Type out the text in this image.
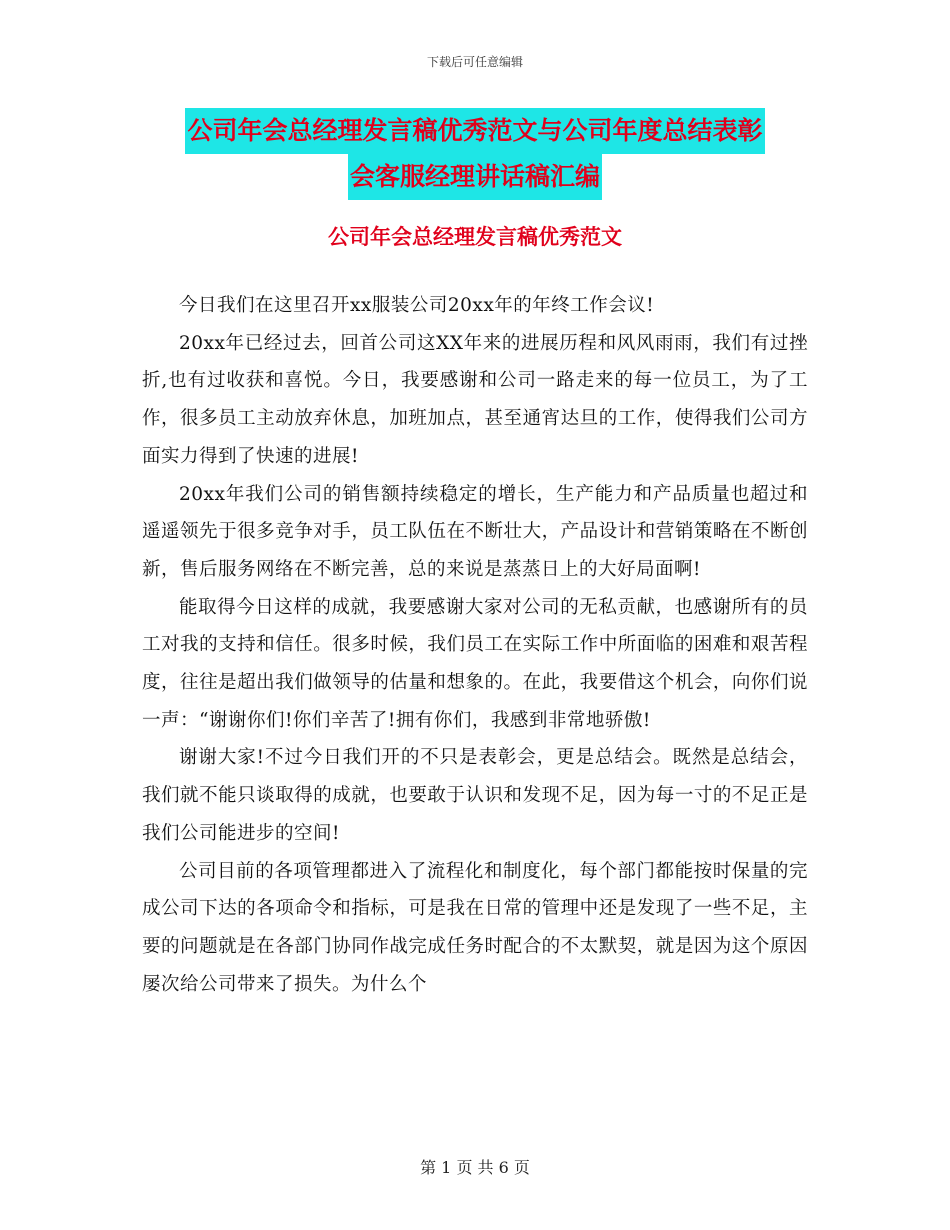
下载后可任意编辑
公司年会总经理发言稿优秀范文与公司年度总结表彰
会客服经理讲话稿汇编
公司年会总经理发言稿优秀范文

今日我们在这里召开xx服装公司20xx年的年终工作会议!

20xx年已经过去，回首公司这XX年来的进展历程和风风雨雨，我们有过挫折,也有过收获和喜悦。今日，我要感谢和公司一路走来的每一位员工，为了工作，很多员工主动放弃休息，加班加点，甚至通宵达旦的工作，使得我们公司方面实力得到了快速的进展!

20xx年我们公司的销售额持续稳定的增长，生产能力和产品质量也超过和遥遥领先于很多竞争对手，员工队伍在不断壮大，产品设计和营销策略在不断创新，售后服务网络在不断完善，总的来说是蒸蒸日上的大好局面啊!

能取得今日这样的成就，我要感谢大家对公司的无私贡献，也感谢所有的员工对我的支持和信任。很多时候，我们员工在实际工作中所面临的困难和艰苦程度，往往是超出我们做领导的估量和想象的。在此，我要借这个机会，向你们说一声：“谢谢你们!你们辛苦了!拥有你们，我感到非常地骄傲!

谢谢大家!不过今日我们开的不只是表彰会，更是总结会。既然是总结会，我们就不能只谈取得的成就，也要敢于认识和发现不足，因为每一寸的不足正是我们公司能进步的空间!

公司目前的各项管理都进入了流程化和制度化，每个部门都能按时保量的完成公司下达的各项命令和指标，可是我在日常的管理中还是发现了一些不足，主要的问题就是在各部门协同作战完成任务时配合的不太默契，就是因为这个原因屡次给公司带来了损失。为什么个

第 1 页 共 6 页
